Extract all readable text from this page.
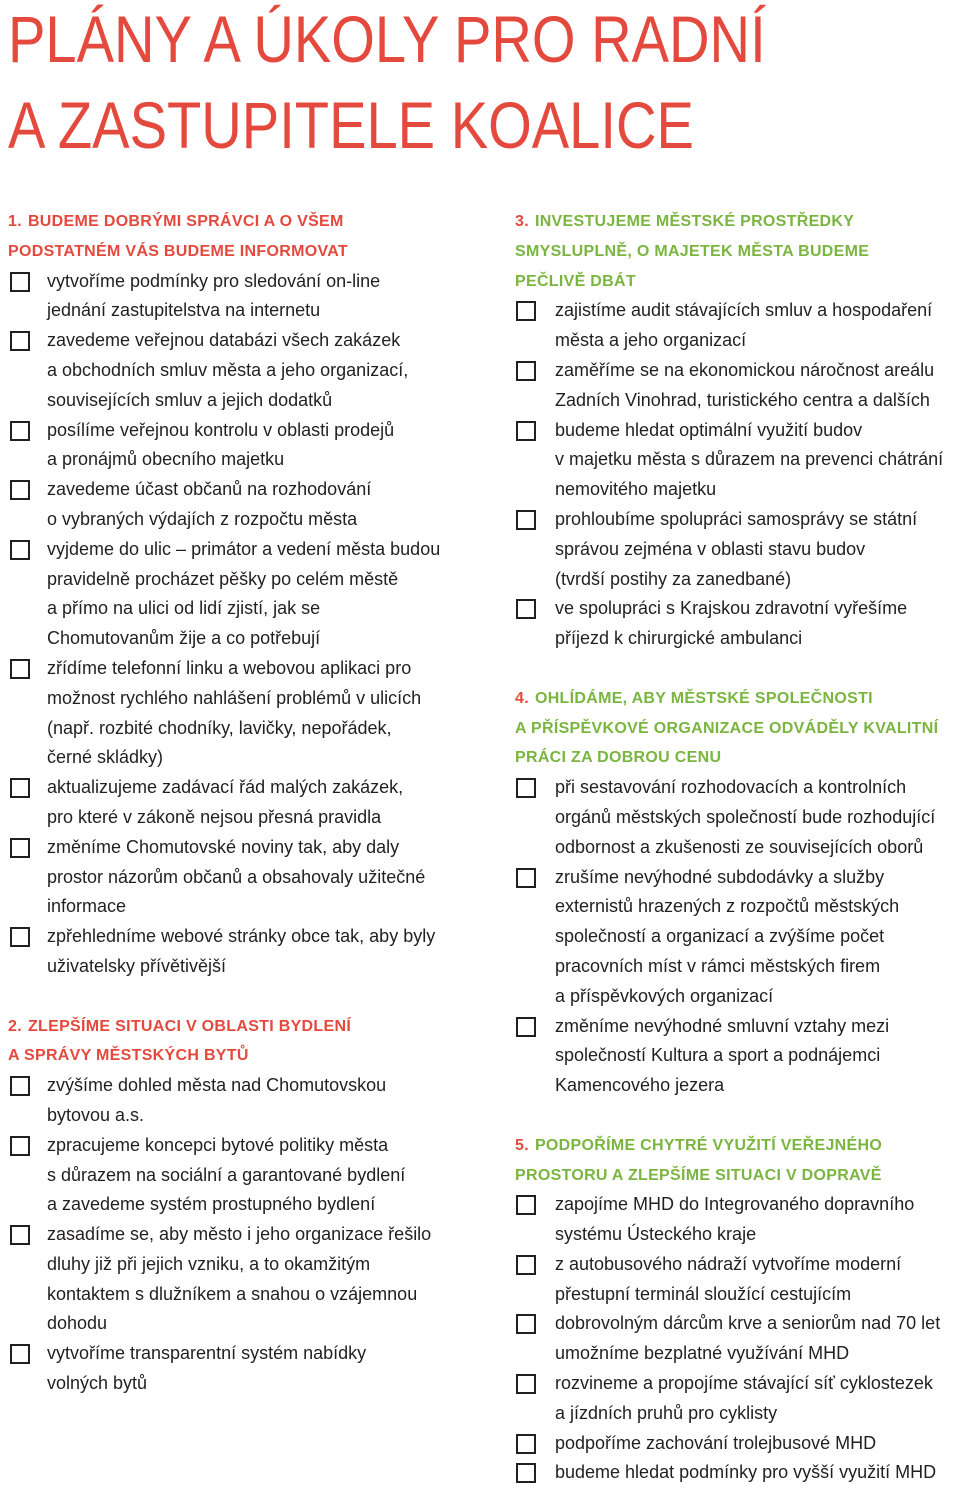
PLÁNY A ÚKOLY PRO RADNÍ
A ZASTUPITELE KOALICE
1. BUDEME DOBRÝMI SPRÁVCI A O VŠEM
PODSTATNÉM VÁS BUDEME INFORMOVAT
vytvoříme podmínky pro sledování on-line
jednání zastupitelstva na internetu
zavedeme veřejnou databázi všech zakázek
a obchodních smluv města a jeho organizací,
souvisejících smluv a jejich dodatků
posílíme veřejnou kontrolu v oblasti prodejů
a pronájmů obecního majetku
zavedeme účast občanů na rozhodování
o vybraných výdajích z rozpočtu města
vyjdeme do ulic – primátor a vedení města budou
pravidelně procházet pěšky po celém městě
a přímo na ulici od lidí zjistí, jak se
Chomutovanům žije a co potřebují
zřídíme telefonní linku a webovou aplikaci pro
možnost rychlého nahlášení problémů v ulicích
(např. rozbité chodníky, lavičky, nepořádek,
černé skládky)
aktualizujeme zadávací řád malých zakázek,
pro které v zákoně nejsou přesná pravidla
změníme Chomutovské noviny tak, aby daly
prostor názorům občanů a obsahovaly užitečné
informace
zpřehledníme webové stránky obce tak, aby byly
uživatelsky přívětivější
2. ZLEPŠÍME SITUACI V OBLASTI BYDLENÍ
A SPRÁVY MĚSTSKÝCH BYTŮ
zvýšíme dohled města nad Chomutovskou
bytovou a.s.
zpracujeme koncepci bytové politiky města
s důrazem na sociální a garantované bydlení
a zavedeme systém prostupného bydlení
zasadíme se, aby město i jeho organizace řešilo
dluhy již při jejich vzniku, a to okamžitým
kontaktem s dlužníkem a snahou o vzájemnou
dohodu
vytvoříme transparentní systém nabídky
volných bytů
3. INVESTUJEME MĚSTSKÉ PROSTŘEDKY
SMYSLUPLNĚ, O MAJETEK MĚSTA BUDEME
PEČLIVĚ DBÁT
zajistíme audit stávajících smluv a hospodaření
města a jeho organizací
zaměříme se na ekonomickou náročnost areálu
Zadních Vinohrad, turistického centra a dalších
budeme hledat optimální využití budov
v majetku města s důrazem na prevenci chátrání
nemovitého majetku
prohloubíme spolupráci samosprávy se státní
správou zejména v oblasti stavu budov
(tvrdší postihy za zanedbané)
ve spolupráci s Krajskou zdravotní vyřešíme
příjezd k chirurgické ambulanci
4. OHLÍDÁME, ABY MĚSTSKÉ SPOLEČNOSTI
A PŘÍSPĚVKOVÉ ORGANIZACE ODVÁDĚLY KVALITNÍ
PRÁCI ZA DOBROU CENU
při sestavování rozhodovacích a kontrolních
orgánů městských společností bude rozhodující
odbornost a zkušenosti ze souvisejících oborů
zrušíme nevýhodné subdodávky a služby
externistů hrazených z rozpočtů městských
společností a organizací a zvýšíme počet
pracovních míst v rámci městských firem
a příspěvkových organizací
změníme nevýhodné smluvní vztahy mezi
společností Kultura a sport a podnájemci
Kamencového jezera
5. PODPOŘÍME CHYTRÉ VYUŽITÍ VEŘEJNÉHO
PROSTORU A ZLEPŠÍME SITUACI V DOPRAVĚ
zapojíme MHD do Integrovaného dopravního
systému Ústeckého kraje
z autobusového nádraží vytvoříme moderní
přestupní terminál sloužící cestujícím
dobrovolným dárcům krve a seniorům nad 70 let
umožníme bezplatné využívání MHD
rozvineme a propojíme stávající síť cyklostezek
a jízdních pruhů pro cyklisty
podpoříme zachování trolejbusové MHD
budeme hledat podmínky pro vyšší využití MHD
